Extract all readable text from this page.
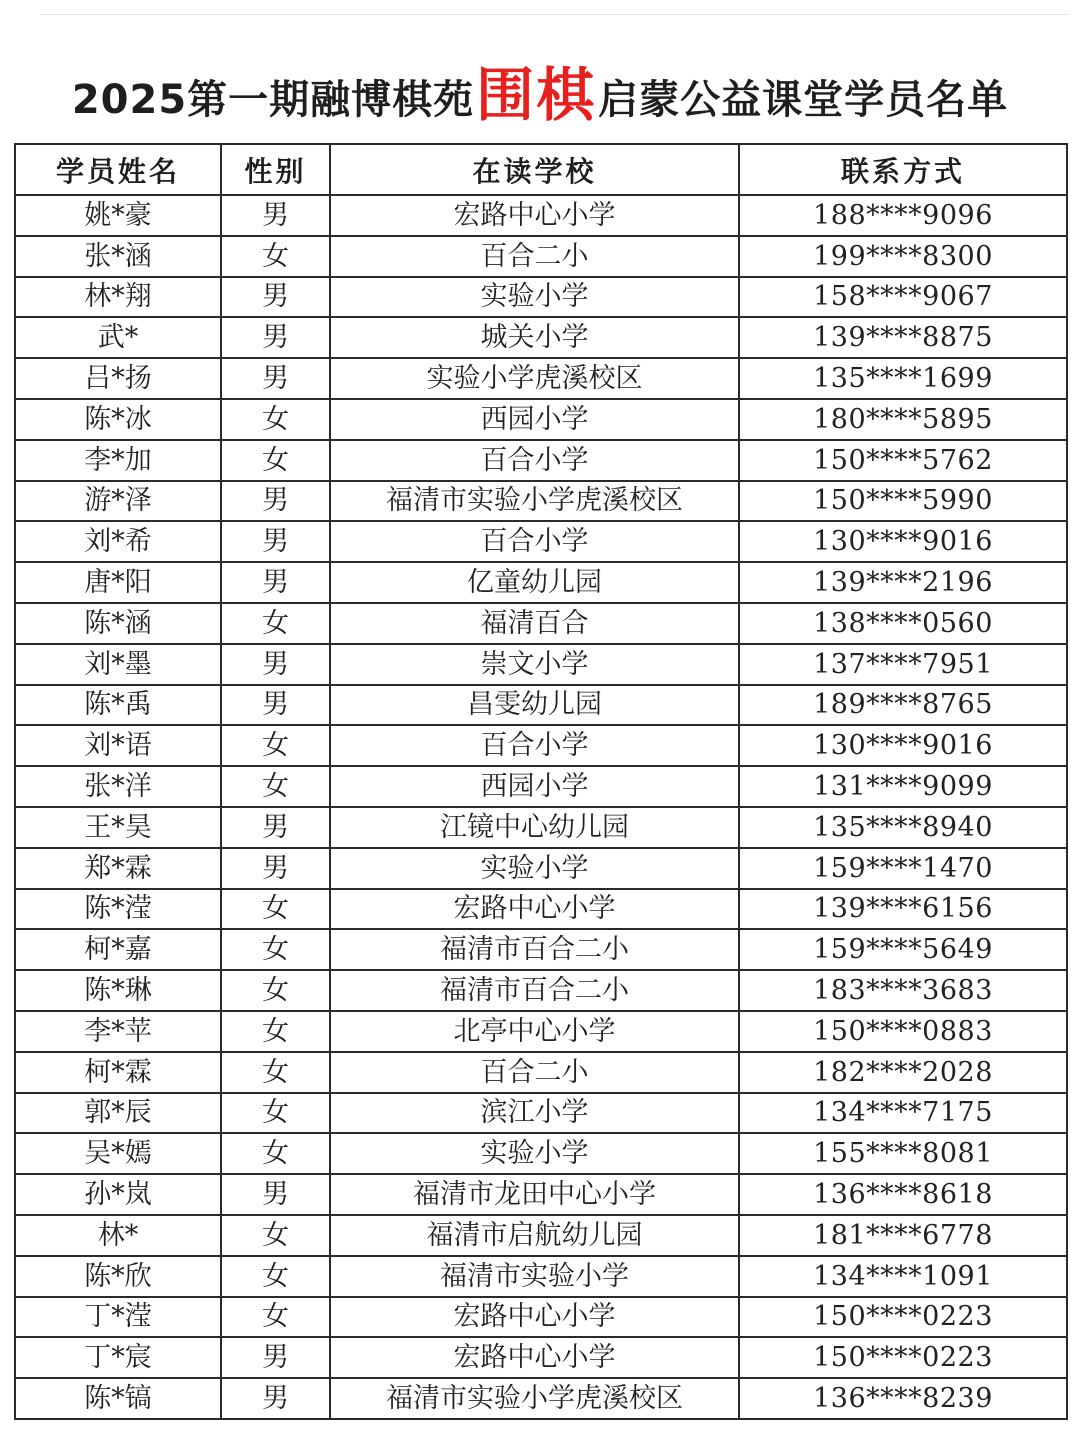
2025第一期融博棋苑 围棋 启蒙公益课堂学员名单
学员姓名	性别	在读学校	联系方式
姚*豪	男	宏路中心小学	188****9096
张*涵	女	百合二小	199****8300
林*翔	男	实验小学	158****9067
武*	男	城关小学	139****8875
吕*扬	男	实验小学虎溪校区	135****1699
陈*冰	女	西园小学	180****5895
李*加	女	百合小学	150****5762
游*泽	男	福清市实验小学虎溪校区	150****5990
刘*希	男	百合小学	130****9016
唐*阳	男	亿童幼儿园	139****2196
陈*涵	女	福清百合	138****0560
刘*墨	男	崇文小学	137****7951
陈*禹	男	昌雯幼儿园	189****8765
刘*语	女	百合小学	130****9016
张*洋	女	西园小学	131****9099
王*昊	男	江镜中心幼儿园	135****8940
郑*霖	男	实验小学	159****1470
陈*滢	女	宏路中心小学	139****6156
柯*嘉	女	福清市百合二小	159****5649
陈*琳	女	福清市百合二小	183****3683
李*苹	女	北亭中心小学	150****0883
柯*霖	女	百合二小	182****2028
郭*辰	女	滨江小学	134****7175
吴*嫣	女	实验小学	155****8081
孙*岚	男	福清市龙田中心小学	136****8618
林*	女	福清市启航幼儿园	181****6778
陈*欣	女	福清市实验小学	134****1091
丁*滢	女	宏路中心小学	150****0223
丁*宸	男	宏路中心小学	150****0223
陈*镐	男	福清市实验小学虎溪校区	136****8239
